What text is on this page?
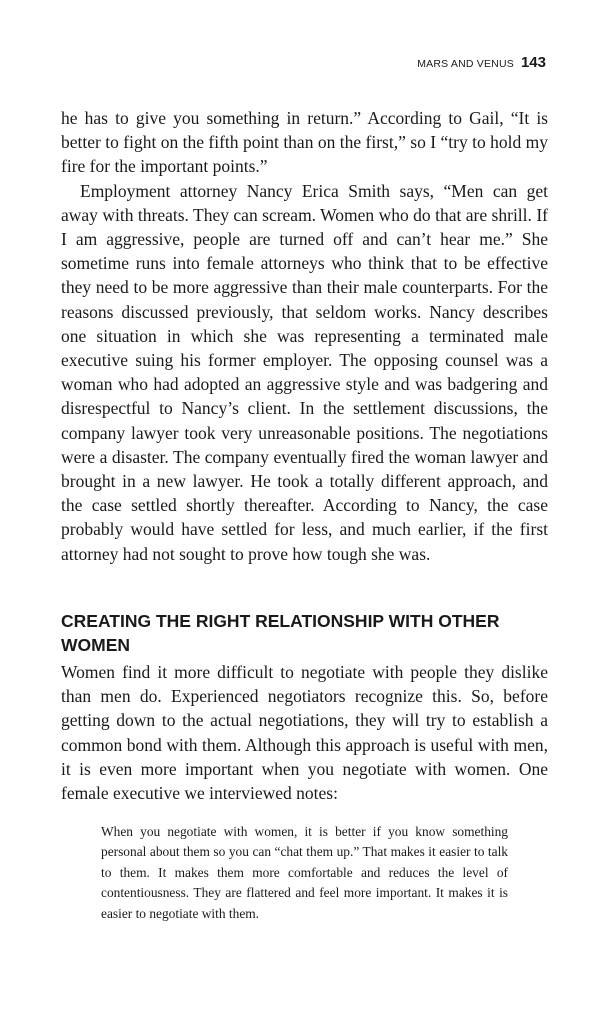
MARS AND VENUS 143

he has to give you something in return.” According to Gail, “It is better to fight on the fifth point than on the first,” so I “try to hold my fire for the important points.”

Employment attorney Nancy Erica Smith says, “Men can get away with threats. They can scream. Women who do that are shrill. If I am aggressive, people are turned off and can’t hear me.” She sometime runs into female attorneys who think that to be effective they need to be more aggressive than their male counterparts. For the reasons discussed previously, that seldom works. Nancy describes one situation in which she was representing a terminated male executive suing his former employer. The opposing counsel was a woman who had adopted an aggressive style and was badgering and disrespectful to Nancy’s client. In the settlement discussions, the company lawyer took very unreasonable positions. The negotiations were a disaster. The company eventually fired the woman lawyer and brought in a new lawyer. He took a totally different approach, and the case settled shortly thereafter. According to Nancy, the case probably would have settled for less, and much earlier, if the first attorney had not sought to prove how tough she was.

CREATING THE RIGHT RELATIONSHIP WITH OTHER WOMEN

Women find it more difficult to negotiate with people they dislike than men do. Experienced negotiators recognize this. So, before getting down to the actual negotiations, they will try to establish a common bond with them. Although this approach is useful with men, it is even more important when you negotiate with women. One female executive we interviewed notes:

When you negotiate with women, it is better if you know something personal about them so you can “chat them up.” That makes it easier to talk to them. It makes them more comfortable and reduces the level of contentiousness. They are flattered and feel more important. It makes it is easier to negotiate with them.
